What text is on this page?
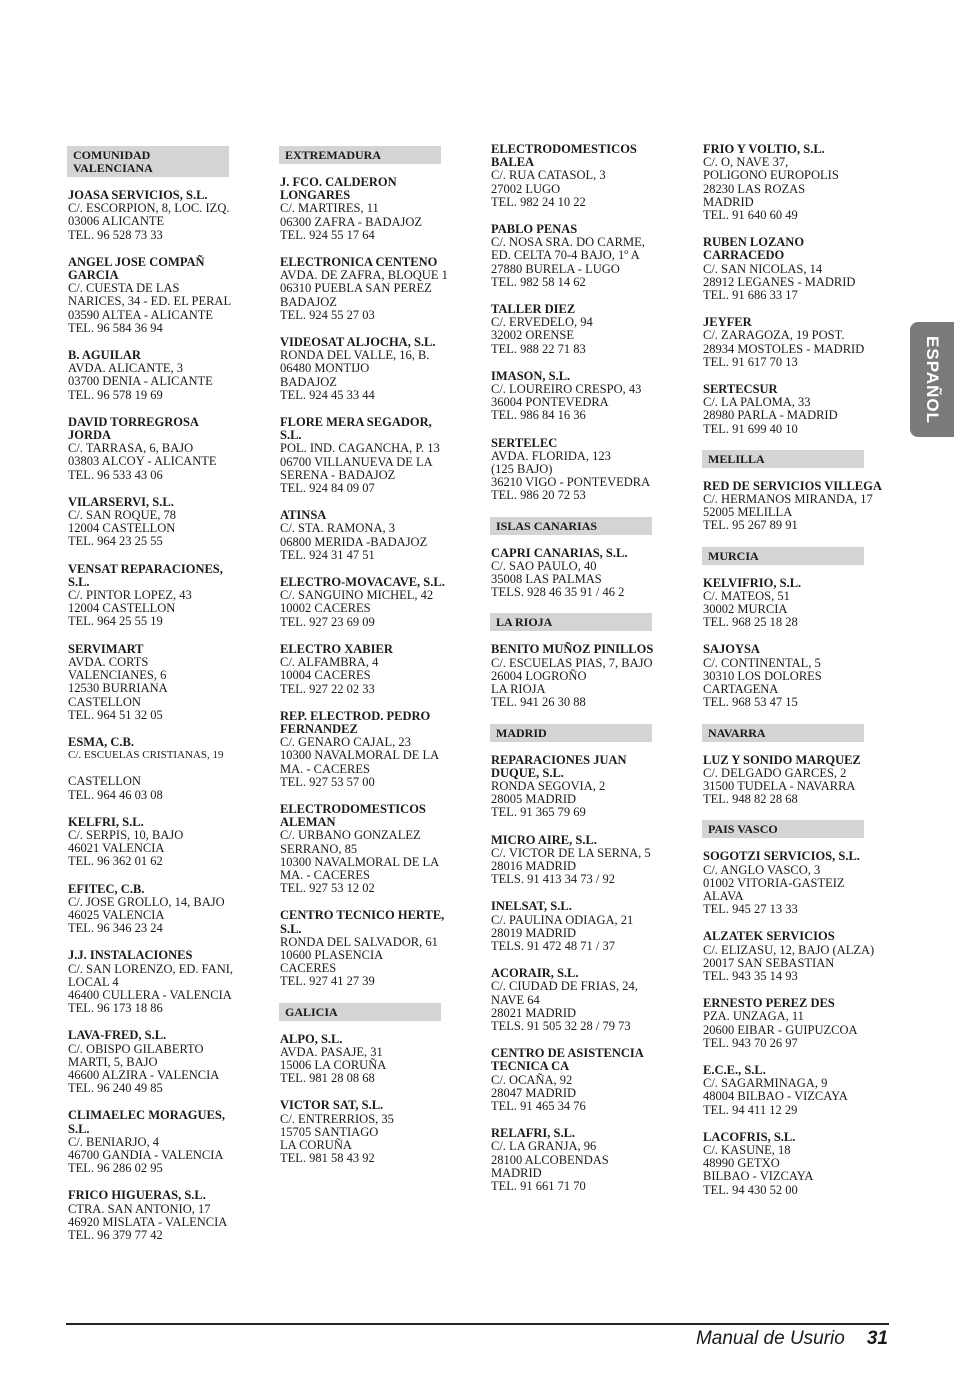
COMUNIDAD VALENCIANA
JOASA SERVICIOS, S.L.
C/. ESCORPION, 8, LOC. IZQ.
03006 ALICANTE
TEL. 96 528 73 33
ANGEL JOSE COMPAÑ
GARCIA
C/. CUESTA DE LAS
NARICES, 34 - ED. EL PERAL
03590 ALTEA - ALICANTE
TEL. 96 584 36 94
B. AGUILAR
AVDA. ALICANTE, 3
03700 DENIA - ALICANTE
TEL. 96 578 19 69
DAVID TORREGROSA
JORDA
C/. TARRASA, 6, BAJO
03803 ALCOY - ALICANTE
TEL. 96 533 43 06
VILARSERVI, S.L.
C/. SAN ROQUE, 78
12004 CASTELLON
TEL. 964 23 25 55
VENSAT REPARACIONES,
S.L.
C/. PINTOR LOPEZ, 43
12004 CASTELLON
TEL. 964 25 55 19
SERVIMART
AVDA. CORTS
VALENCIANES, 6
12530 BURRIANA
CASTELLON
TEL. 964 51 32 05
ESMA, C.B.
C/. ESCUELAS CRISTIANAS, 19
CASTELLON
TEL. 964 46 03 08
KELFRI, S.L.
C/. SERPIS, 10, BAJO
46021 VALENCIA
TEL. 96 362 01 62
EFITEC, C.B.
C/. JOSE GROLLO, 14, BAJO
46025 VALENCIA
TEL. 96 346 23 24
J.J. INSTALACIONES
C/. SAN LORENZO, ED. FANI,
LOCAL 4
46400 CULLERA - VALENCIA
TEL. 96 173 18 86
LAVA-FRED, S.L.
C/. OBISPO GILABERTO
MARTI, 5, BAJO
46600 ALZIRA - VALENCIA
TEL. 96 240 49 85
CLIMAELEC MORAGUES,
S.L.
C/. BENIARJO, 4
46700 GANDIA - VALENCIA
TEL. 96 286 02 95
FRICO HIGUERAS, S.L.
CTRA. SAN ANTONIO, 17
46920 MISLATA - VALENCIA
TEL. 96 379 77 42
EXTREMADURA
J. FCO. CALDERON
LONGARES
C/. MARTIRES, 11
06300 ZAFRA - BADAJOZ
TEL. 924 55 17 64
ELECTRONICA CENTENO
AVDA. DE ZAFRA, BLOQUE 1
06310 PUEBLA SAN PEREZ
BADAJOZ
TEL. 924 55 27 03
VIDEOSAT ALJOCHA, S.L.
RONDA DEL VALLE, 16, B.
06480 MONTIJO
BADAJOZ
TEL. 924 45 33 44
FLORE MERA SEGADOR,
S.L.
POL. IND. CAGANCHA, P. 13
06700 VILLANUEVA DE LA
SERENA - BADAJOZ
TEL. 924 84 09 07
ATINSA
C/. STA. RAMONA, 3
06800 MERIDA -BADAJOZ
TEL. 924 31 47 51
ELECTRO-MOVACAVE, S.L.
C/. SANGUINO MICHEL, 42
10002 CACERES
TEL. 927 23 69 09
ELECTRO XABIER
C/. ALFAMBRA, 4
10004 CACERES
TEL. 927 22 02 33
REP. ELECTROD. PEDRO
FERNANDEZ
C/. GENARO CAJAL, 23
10300 NAVALMORAL DE LA
MA. - CACERES
TEL. 927 53 57 00
ELECTRODOMESTICOS
ALEMAN
C/. URBANO GONZALEZ
SERRANO, 85
10300 NAVALMORAL DE LA
MA. - CACERES
TEL. 927 53 12 02
CENTRO TECNICO HERTE,
S.L.
RONDA DEL SALVADOR, 61
10600 PLASENCIA
CACERES
TEL. 927 41 27 39
GALICIA
ALPO, S.L.
AVDA. PASAJE, 31
15006 LA CORUÑA
TEL. 981 28 08 68
VICTOR SAT, S.L.
C/. ENTRERRIOS, 35
15705 SANTIAGO
LA CORUÑA
TEL. 981 58 43 92
ELECTRODOMESTICOS
BALEA
C/. RUA CATASOL, 3
27002 LUGO
TEL. 982 24 10 22
PABLO PENAS
C/. NOSA SRA. DO CARME,
ED. CELTA 70-4 BAJO, 1º A
27880 BURELA - LUGO
TEL. 982 58 14 62
TALLER DIEZ
C/. ERVEDELO, 94
32002 ORENSE
TEL. 988 22 71 83
IMASON, S.L.
C/. LOUREIRO CRESPO, 43
36004 PONTEVEDRA
TEL. 986 84 16 36
SERTELEC
AVDA. FLORIDA, 123
(125 BAJO)
36210 VIGO - PONTEVEDRA
TEL. 986 20 72 53
ISLAS CANARIAS
CAPRI CANARIAS, S.L.
C/. SAO PAULO, 40
35008 LAS PALMAS
TELS. 928 46 35 91 / 46 2
LA RIOJA
BENITO MUÑOZ PINILLOS
C/. ESCUELAS PIAS, 7, BAJO
26004 LOGROÑO
LA RIOJA
TEL. 941 26 30 88
MADRID
REPARACIONES JUAN
DUQUE, S.L.
RONDA SEGOVIA, 2
28005 MADRID
TEL. 91 365 79 69
MICRO AIRE, S.L.
C/. VICTOR DE LA SERNA, 5
28016 MADRID
TELS. 91 413 34 73 / 92
INELSAT, S.L.
C/. PAULINA ODIAGA, 21
28019 MADRID
TELS. 91 472 48 71 / 37
ACORAIR, S.L.
C/. CIUDAD DE FRIAS, 24,
NAVE 64
28021 MADRID
TELS. 91 505 32 28 / 79 73
CENTRO DE ASISTENCIA
TECNICA CA
C/. OCAÑA, 92
28047 MADRID
TEL. 91 465 34 76
RELAFRI, S.L.
C/. LA GRANJA, 96
28100 ALCOBENDAS
MADRID
TEL. 91 661 71 70
FRIO Y VOLTIO, S.L.
C/. O, NAVE 37,
POLIGONO EUROPOLIS
28230 LAS ROZAS
MADRID
TEL. 91 640 60 49
RUBEN LOZANO
CARRACEDO
C/. SAN NICOLAS, 14
28912 LEGANES - MADRID
TEL. 91 686 33 17
JEYFER
C/. ZARAGOZA, 19 POST.
28934 MOSTOLES - MADRID
TEL. 91 617 70 13
SERTECSUR
C/. LA PALOMA, 33
28980 PARLA - MADRID
TEL. 91 699 40 10
MELILLA
RED DE SERVICIOS VILLEGA
C/. HERMANOS MIRANDA, 17
52005 MELILLA
TEL. 95 267 89 91
MURCIA
KELVIFRIO, S.L.
C/. MATEOS, 51
30002 MURCIA
TEL. 968 25 18 28
SAJOYSA
C/. CONTINENTAL, 5
30310 LOS DOLORES
CARTAGENA
TEL. 968 53 47 15
NAVARRA
LUZ Y SONIDO MARQUEZ
C/. DELGADO GARCES, 2
31500 TUDELA - NAVARRA
TEL. 948 82 28 68
PAIS VASCO
SOGOTZI SERVICIOS, S.L.
C/. ANGLO VASCO, 3
01002 VITORIA-GASTEIZ
ALAVA
TEL. 945 27 13 33
ALZATEK SERVICIOS
C/. ELIZASU, 12, BAJO (ALZA)
20017 SAN SEBASTIAN
TEL. 943 35 14 93
ERNESTO PEREZ DES
PZA. UNZAGA, 11
20600 EIBAR - GUIPUZCOA
TEL. 943 70 26 97
E.C.E., S.L.
C/. SAGARMINAGA, 9
48004 BILBAO - VIZCAYA
TEL. 94 411 12 29
LACOFRIS, S.L.
C/. KASUNE, 18
48990 GETXO
BILBAO - VIZCAYA
TEL. 94 430 52 00
ESPAÑOL
Manual de Usurio 31
